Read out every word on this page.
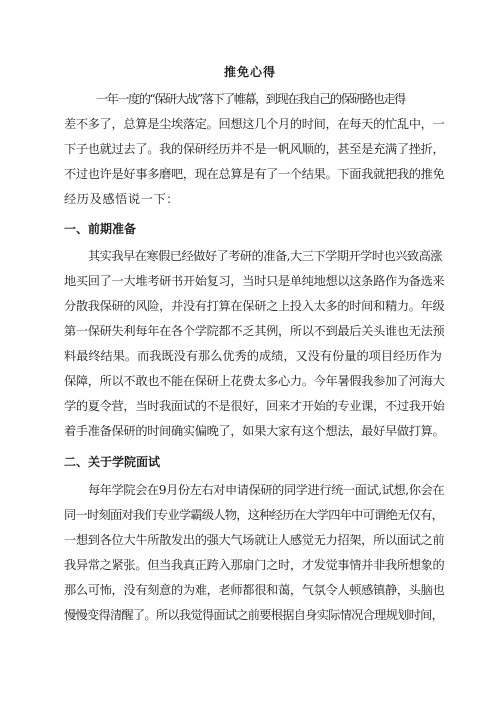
推免心得
一年一度的“保研大战”落下了帷幕，到现在我自己的保研路也走得
差不多了，总算是尘埃落定。回想这几个月的时间，在每天的忙乱中，一
下子也就过去了。我的保研经历并不是一帆风顺的，甚至是充满了挫折，
不过也许是好事多磨吧，现在总算是有了一个结果。下面我就把我的推免
经历及感悟说一下：
一、前期准备
其实我早在寒假已经做好了考研的准备,大三下学期开学时也兴致高涨
地买回了一大堆考研书开始复习，当时只是单纯地想以这条路作为备选来
分散我保研的风险，并没有打算在保研之上投入太多的时间和精力。年级
第一保研失利每年在各个学院都不乏其例，所以不到最后关头谁也无法预
料最终结果。而我既没有那么优秀的成绩，又没有份量的项目经历作为
保障，所以不敢也不能在保研上花费太多心力。今年暑假我参加了河海大
学的夏令营，当时我面试的不是很好，回来才开始的专业课，不过我开始
着手准备保研的时间确实偏晚了，如果大家有这个想法，最好早做打算。
二、关于学院面试
每年学院会在9月份左右对申请保研的同学进行统一面试,试想,你会在
同一时刻面对我们专业学霸级人物，这种经历在大学四年中可谓绝无仅有，
一想到各位大牛所散发出的强大气场就让人感觉无力招架，所以面试之前
我异常之紧张。但当我真正跨入那扇门之时，才发觉事情并非我所想象的
那么可怖，没有刻意的为难，老师都很和蔼，气氛令人顿感镇静，头脑也
慢慢变得清醒了。所以我觉得面试之前要根据自身实际情况合理规划时间，
